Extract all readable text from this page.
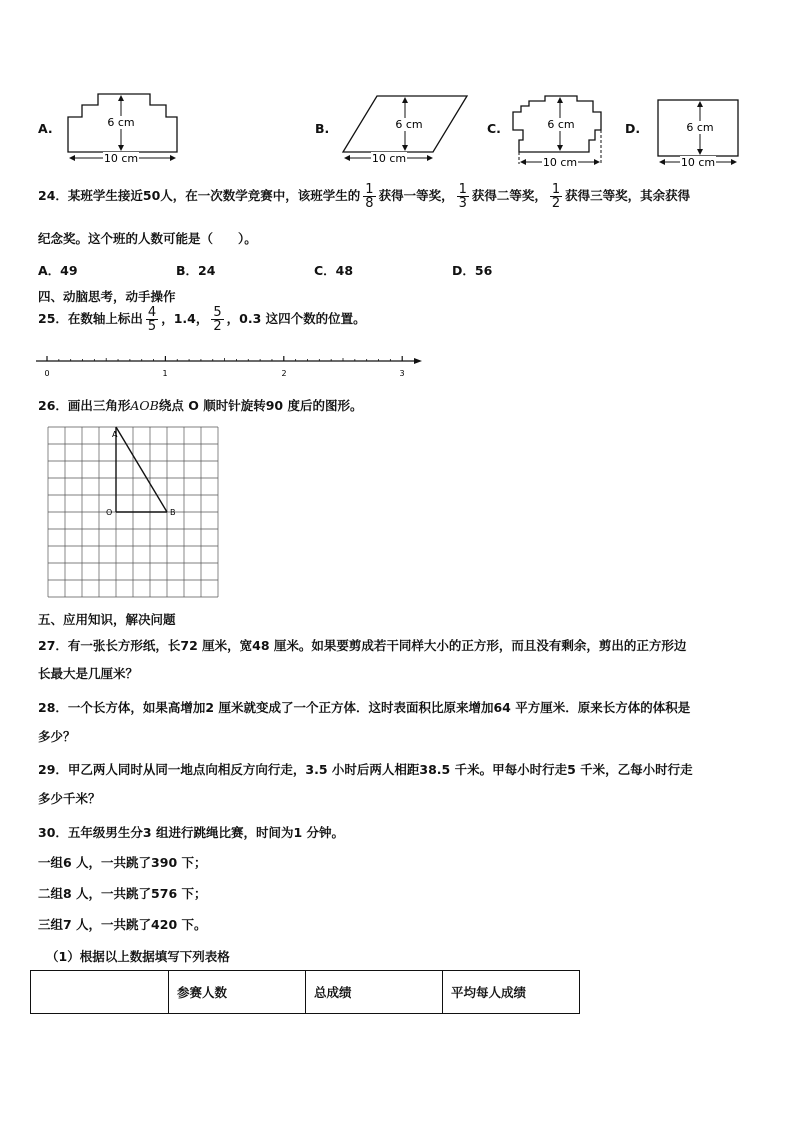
A.	6 cm
10 cm
B.	6 cm
10 cm
C.	6 cm
10 cm
D.	6 cm
10 cm
24．某班学生接近50人，在一次数学竞赛中，该班学生的 $\frac{1}{8}$ 获得一等奖， $\frac{1}{3}$ 获得二等奖， $\frac{1}{2}$ 获得三等奖，其余获得
纪念奖。这个班的人数可能是（　　）。
A．49	B．24	C．48	D．56
四、动脑思考，动手操作
25．在数轴上标出 $\frac{4}{5}$ ，1.4， $\frac{5}{2}$ ，0.3 这四个数的位置。
0	1	2	3
26．画出三角形AOB绕点 O 顺时针旋转90 度后的图形。
A
O	B
五、应用知识，解决问题
27．有一张长方形纸，长72 厘米，宽48 厘米。如果要剪成若干同样大小的正方形，而且没有剩余，剪出的正方形边
长最大是几厘米？
28．一个长方体，如果高增加2 厘米就变成了一个正方体．这时表面积比原来增加64 平方厘米．原来长方体的体积是
多少？
29．甲乙两人同时从同一地点向相反方向行走，3.5 小时后两人相距38.5 千米。甲每小时行走5 千米，乙每小时行走
多少千米？
30．五年级男生分3 组进行跳绳比赛，时间为1 分钟。
一组6 人，一共跳了390 下；
二组8 人，一共跳了576 下；
三组7 人，一共跳了420 下。
（1）根据以上数据填写下列表格
	参赛人数	总成绩	平均每人成绩
